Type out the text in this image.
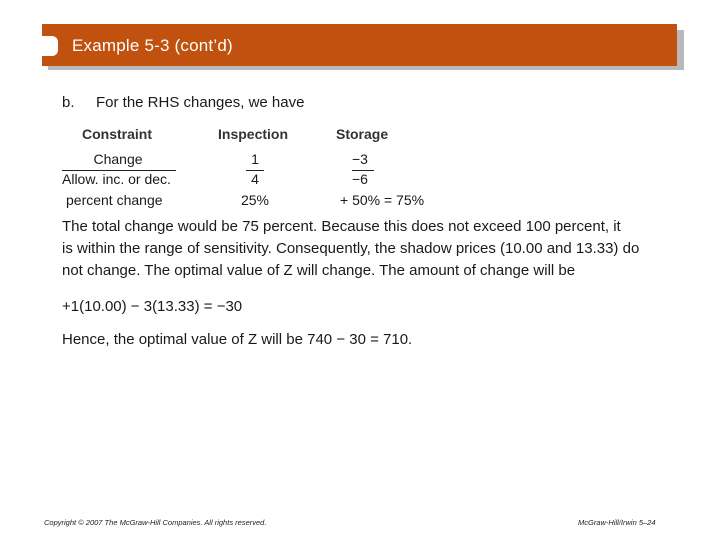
Example 5-3 (cont’d)
b. For the RHS changes, we have
Constraint	Inspection	Storage
Change	1	−3
Allow. inc. or dec.	4	−6
percent change	25%	+ 50% = 75%
The total change would be 75 percent. Because this does not exceed 100 percent, it
is within the range of sensitivity. Consequently, the shadow prices (10.00 and 13.33) do
not change. The optimal value of Z will change. The amount of change will be
+1(10.00) − 3(13.33) = −30
Hence, the optimal value of Z will be 740 − 30 = 710.
Copyright © 2007 The McGraw-Hill Companies. All rights reserved.	McGraw-Hill/Irwin 5–24
